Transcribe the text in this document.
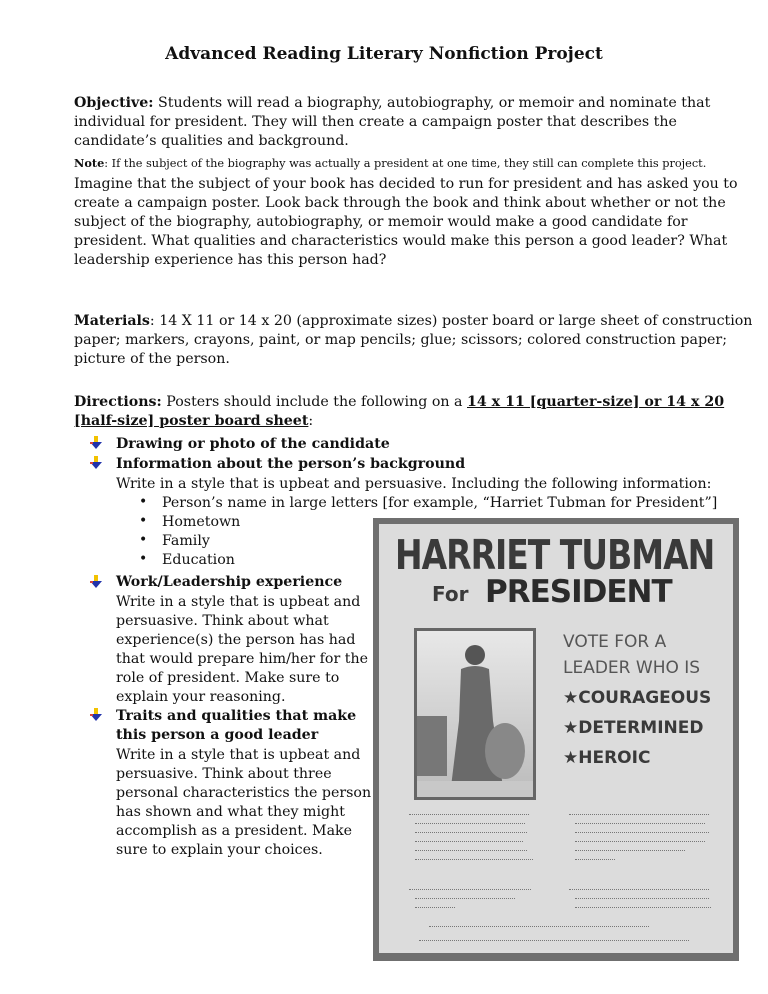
Advanced Reading Literary Nonfiction Project
Objective: Students will read a biography, autobiography, or memoir and nominate that
individual for president. They will then create a campaign poster that describes the
candidate’s qualities and background.
Note: If the subject of the biography was actually a president at one time, they still can complete this project.
Imagine that the subject of your book has decided to run for president and has asked you to
create a campaign poster. Look back through the book and think about whether or not the
subject of the biography, autobiography, or memoir would make a good candidate for
president. What qualities and characteristics would make this person a good leader? What
leadership experience has this person had?
Materials: 14 X 11 or 14 x 20 (approximate sizes) poster board or large sheet of construction
paper; markers, crayons, paint, or map pencils; glue; scissors; colored construction paper;
picture of the person.
Directions: Posters should include the following on a 14 x 11 [quarter-size] or 14 x 20
[half-size] poster board sheet:
Drawing or photo of the candidate
Information about the person’s background
Write in a style that is upbeat and persuasive. Including the following information:
• Person’s name in large letters [for example, “Harriet Tubman for President”]
• Hometown
• Family
• Education
Work/Leadership experience
Write in a style that is upbeat and
persuasive. Think about what
experience(s) the person has had
that would prepare him/her for the
role of president. Make sure to
explain your reasoning.
Traits and qualities that make
this person a good leader
Write in a style that is upbeat and
persuasive. Think about three
personal characteristics the person
has shown and what they might
accomplish as a president. Make
sure to explain your choices.
HARRIET TUBMAN
For PRESIDENT
VOTE FOR A
LEADER WHO IS
★COURAGEOUS
★DETERMINED
★HEROIC
